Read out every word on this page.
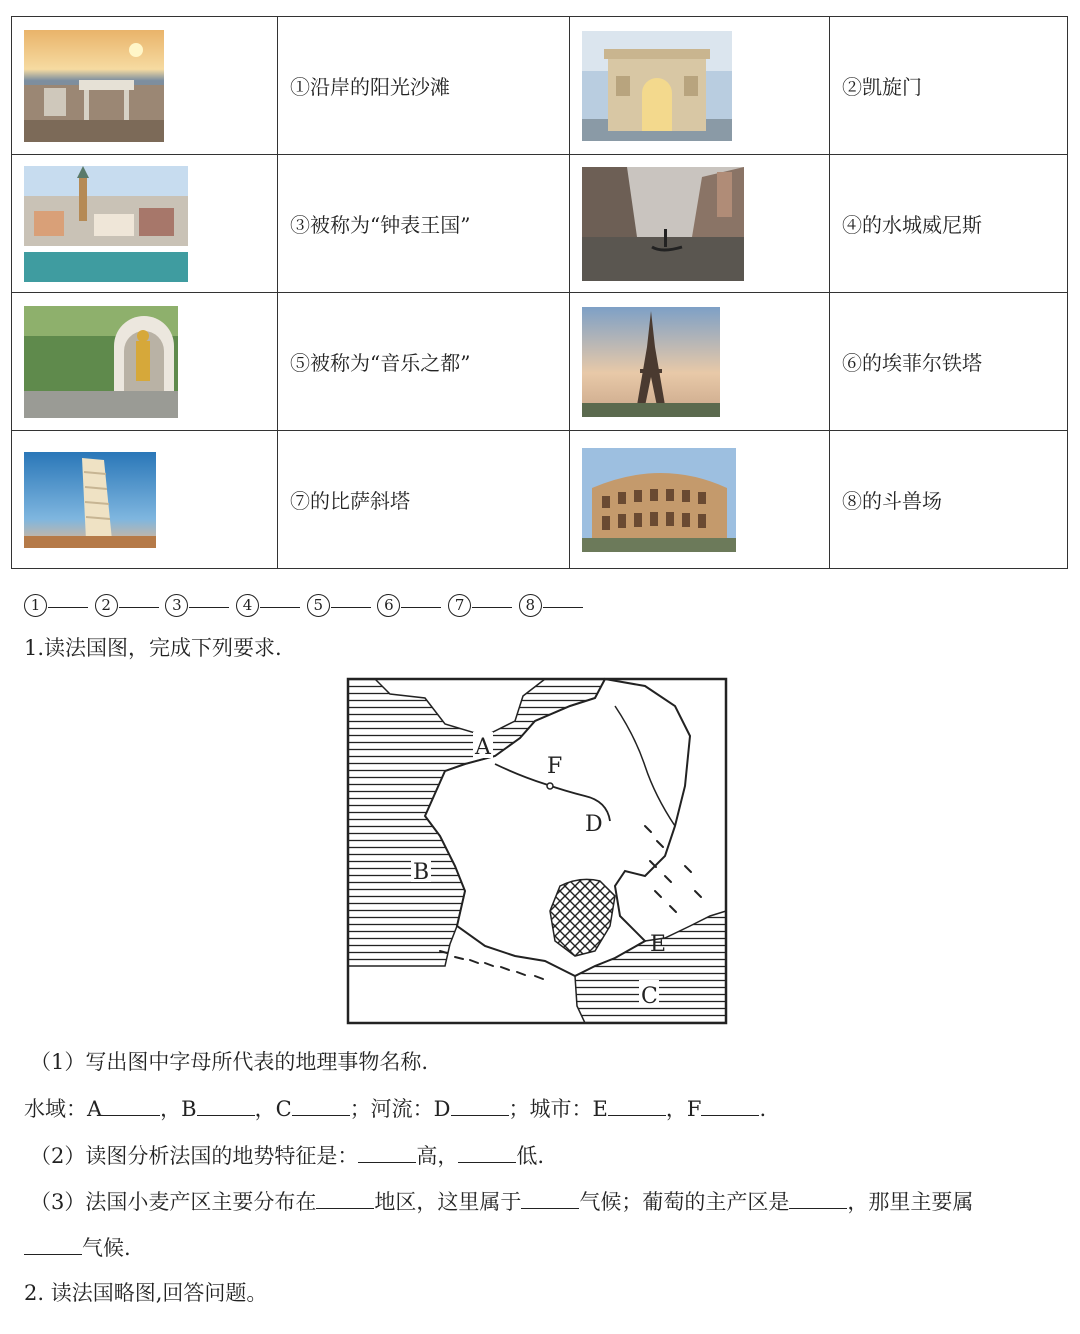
	①沿岸的阳光沙滩		②凯旋门

	③被称为“钟表王国”		④的水城威尼斯

	⑤被称为“音乐之都”		⑥的埃菲尔铁塔

	⑦的比萨斜塔		⑧的斗兽场
1	2	3	4	5	6	7	8
1.读法国图，完成下列要求.
A
B
C
D
E
F
（1）写出图中字母所代表的地理事物名称.
水域：A	，B	，C	；河流：D	；城市：E	，F	.
（2）读图分析法国的地势特征是：	高，	低.
（3）法国小麦产区主要分布在	地区，这里属于	气候；葡萄的主产区是	，那里主要属
气候.
2. 读法国略图,回答问题。
